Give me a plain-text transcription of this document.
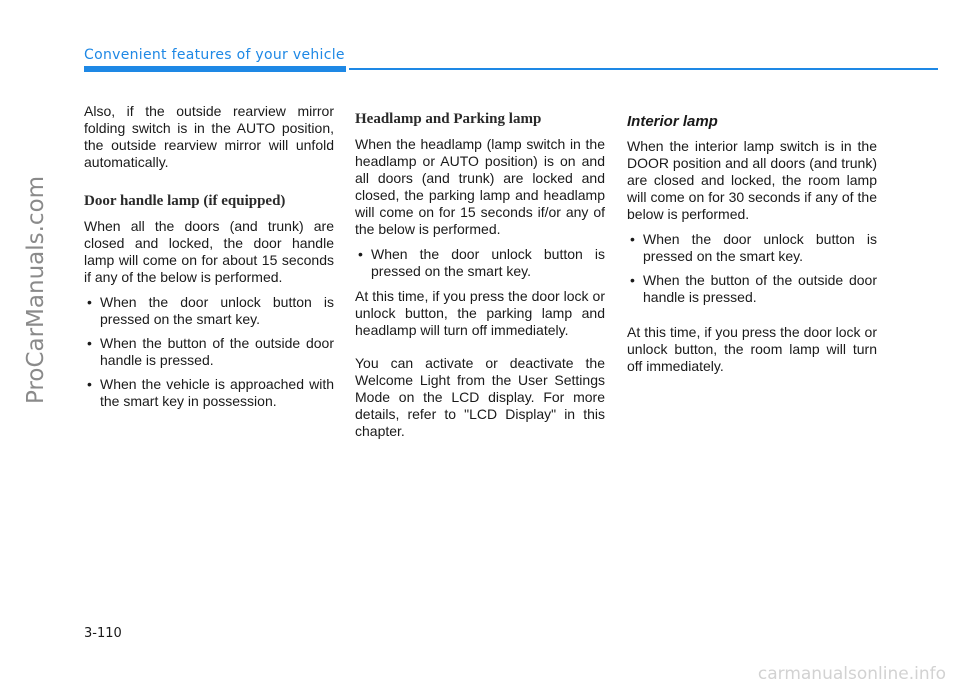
Convenient features of your vehicle
ProCarManuals.com

Also, if the outside rearview mirror folding switch is in the AUTO position, the outside rearview mirror will unfold automatically.

Door handle lamp (if equipped)

When all the doors (and trunk) are closed and locked, the door handle lamp will come on for about 15 seconds if any of the below is performed.

• When the door unlock button is pressed on the smart key.
• When the button of the outside door handle is pressed.
• When the vehicle is approached with the smart key in possession.
Headlamp and Parking lamp

When the headlamp (lamp switch in the headlamp or AUTO position) is on and all doors (and trunk) are locked and closed, the parking lamp and headlamp will come on for 15 seconds if/or any of the below is performed.

• When the door unlock button is pressed on the smart key.

At this time, if you press the door lock or unlock button, the parking lamp and headlamp will turn off immediately.

You can activate or deactivate the Welcome Light from the User Settings Mode on the LCD display. For more details, refer to "LCD Display" in this chapter.

Interior lamp

When the interior lamp switch is in the DOOR position and all doors (and trunk) are closed and locked, the room lamp will come on for 30 seconds if any of the below is performed.

• When the door unlock button is pressed on the smart key.
• When the button of the outside door handle is pressed.

At this time, if you press the door lock or unlock button, the room lamp will turn off immediately.

3-110
carmanualsonline.info
